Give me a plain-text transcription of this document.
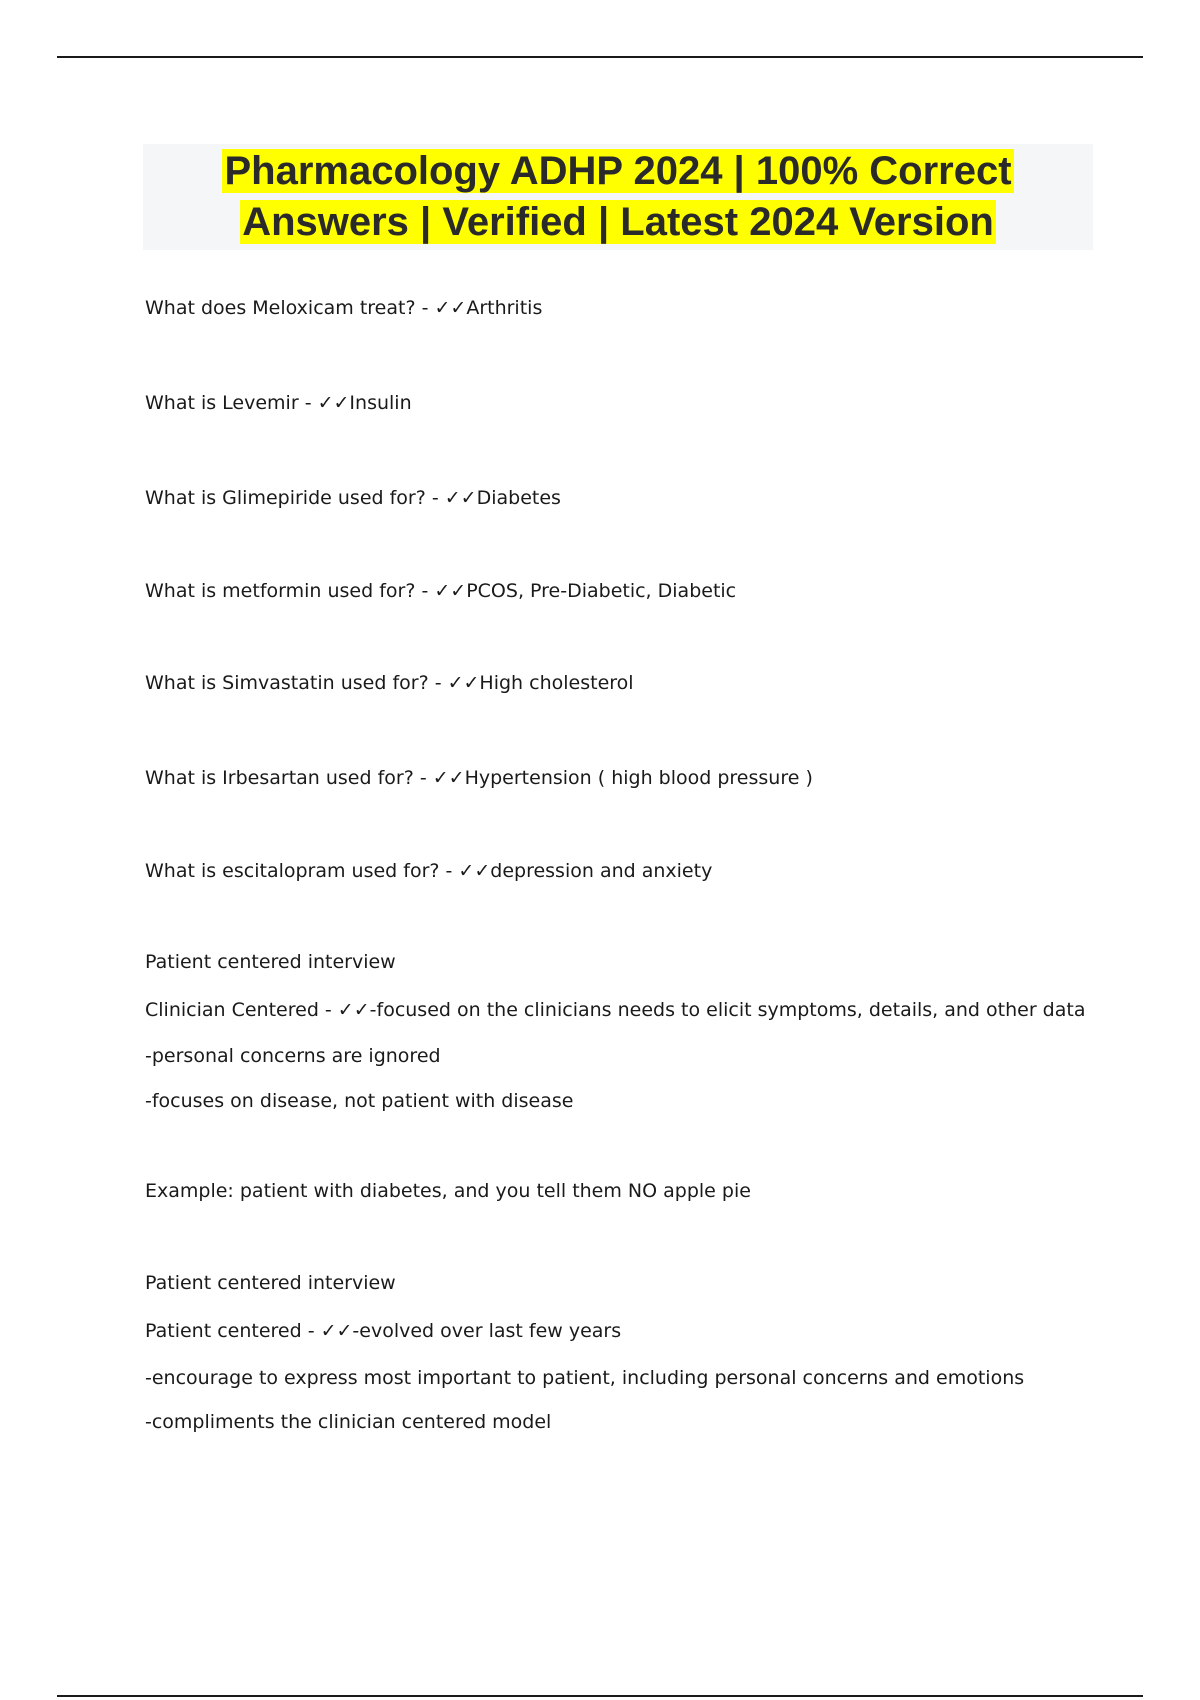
Pharmacology ADHP 2024 | 100% Correct
Answers | Verified | Latest 2024 Version
What does Meloxicam treat? - ✓✓Arthritis
What is Levemir - ✓✓Insulin
What is Glimepiride used for? - ✓✓Diabetes
What is metformin used for? - ✓✓PCOS, Pre-Diabetic, Diabetic
What is Simvastatin used for? - ✓✓High cholesterol
What is Irbesartan used for? - ✓✓Hypertension ( high blood pressure )
What is escitalopram used for? - ✓✓depression and anxiety
Patient centered interview
Clinician Centered - ✓✓-focused on the clinicians needs to elicit symptoms, details, and other data
-personal concerns are ignored
-focuses on disease, not patient with disease
Example: patient with diabetes, and you tell them NO apple pie
Patient centered interview
Patient centered - ✓✓-evolved over last few years
-encourage to express most important to patient, including personal concerns and emotions
-compliments the clinician centered model
